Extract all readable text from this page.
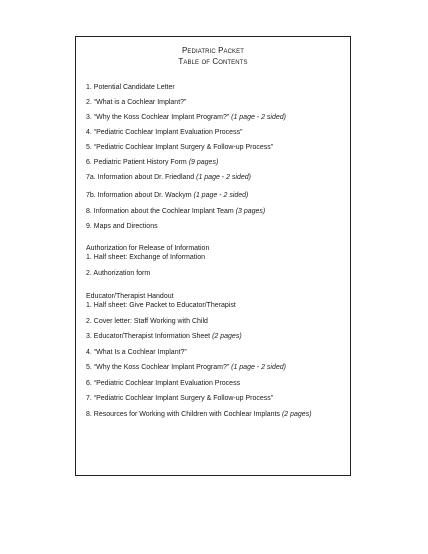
Pediatric Packet
Table of Contents
1. Potential Candidate Letter
2. “What is a Cochlear Implant?”
3. “Why the Koss Cochlear Implant Program?” (1 page - 2 sided)
4. “Pediatric Cochlear Implant Evaluation Process”
5. “Pediatric Cochlear Implant Surgery & Follow-up Process”
6. Pediatric Patient History Form (9 pages)
7a. Information about Dr. Friedland (1 page - 2 sided)
7b. Information about Dr. Wackym (1 page - 2 sided)
8. Information about the Cochlear Implant Team (3 pages)
9. Maps and Directions
Authorization for Release of Information
1. Half sheet: Exchange of Information
2. Authorization form
Educator/Therapist Handout
1. Half sheet: Give Packet to Educator/Therapist
2. Cover letter: Staff Working with Child
3. Educator/Therapist Information Sheet (2 pages)
4. “What Is a Cochlear Implant?”
5. “Why the Koss Cochlear Implant Program?” (1 page - 2 sided)
6. “Pediatric Cochlear Implant Evaluation Process
7. “Pediatric Cochlear Implant Surgery & Follow-up Process”
8. Resources for Working with Children with Cochlear Implants (2 pages)
